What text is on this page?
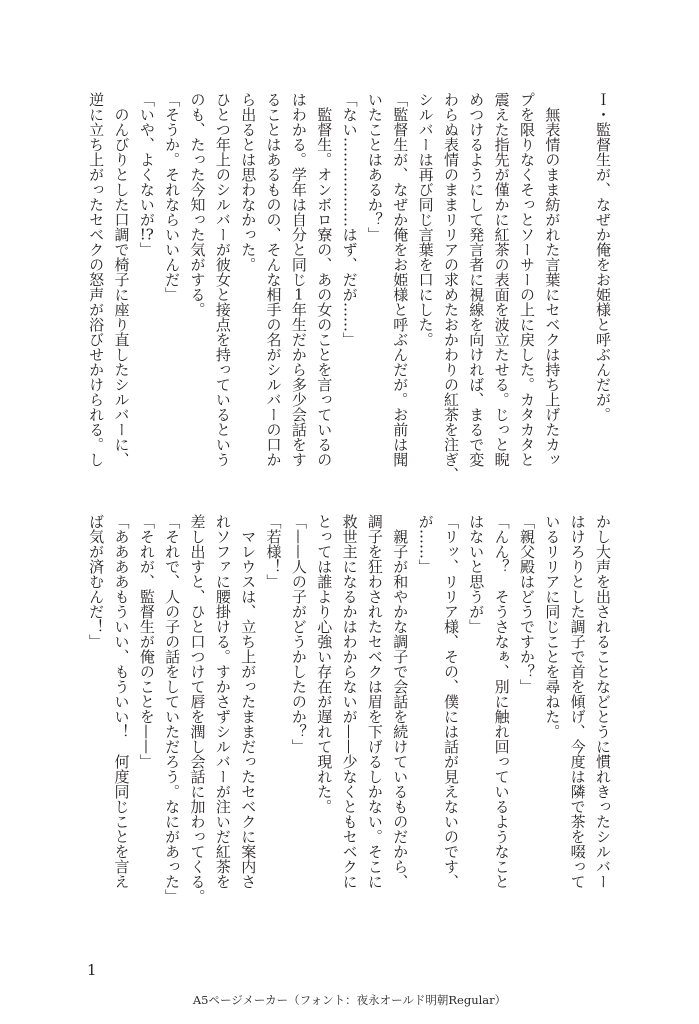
Ｉ・監督生が、なぜか俺をお姫様と呼ぶんだが。
　無表情のまま紡がれた言葉にセベクは持ち上げたカッ
プを限りなくそっとソーサーの上に戻した。カタカタと
震えた指先が僅かに紅茶の表面を波立たせる。じっと睨
めつけるようにして発言者に視線を向ければ、まるで変
わらぬ表情のままリリアの求めたおかわりの紅茶を注ぎ、
シルバーは再び同じ言葉を口にした。
「監督生が、なぜか俺をお姫様と呼ぶんだが。お前は聞
いたことはあるか？」
「ない………………はず、だが……」
　監督生。オンボロ寮の、あの女のことを言っているの
はわかる。学年は自分と同じ1年生だから多少会話をす
ることはあるものの、そんな相手の名がシルバーの口か
ら出るとは思わなかった。
ひとつ年上のシルバーが彼女と接点を持っているという
のも、たった今知った気がする。
「そうか。それならいいんだ」
「いや、よくないが!?」
　のんびりとした口調で椅子に座り直したシルバーに、
逆に立ち上がったセベクの怒声が浴びせかけられる。し
かし大声を出されることなどとうに慣れきったシルバー
はけろりとした調子で首を傾げ、今度は隣で茶を啜って
いるリリアに同じことを尋ねた。
「親父殿はどうですか？」
「んん？　そうさなぁ、別に触れ回っているようなこと
はないと思うが」
「リッ、リリア様、その、僕には話が見えないのです、
が……」
　親子が和やかな調子で会話を続けているものだから、
調子を狂わされたセベクは眉を下げるしかない。そこに
救世主になるかはわからないが——少なくともセベクに
とっては誰より心強い存在が遅れて現れた。
「——人の子がどうかしたのか？」
「若様！」
　マレウスは、立ち上がったままだったセベクに案内さ
れソファに腰掛ける。すかさずシルバーが注いだ紅茶を
差し出すと、ひと口つけて唇を潤し会話に加わってくる。
「それで、人の子の話をしていただろう。なにがあった」
「それが、監督生が俺のことを——」
「ああああもういい、もういい！　何度同じことを言え
ば気が済むんだ！」
1
A5ページメーカー（フォント：夜永オールド明朝Regular）
